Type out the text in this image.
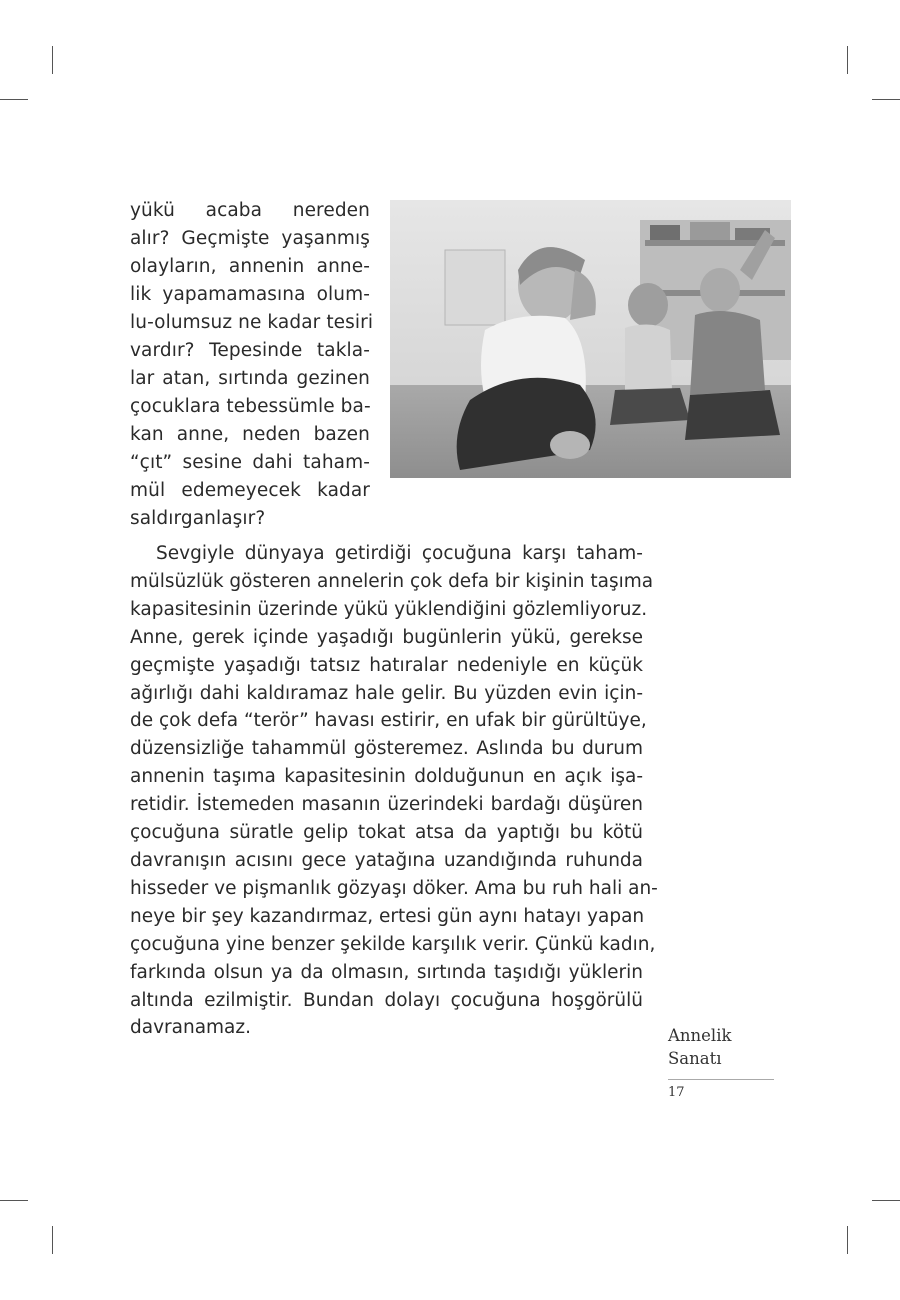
yükü acaba nereden
alır? Geçmişte yaşanmış
olayların, annenin anne-
lik yapamamasına olum-
lu-olumsuz ne kadar tesiri
vardır? Tepesinde takla-
lar atan, sırtında gezinen
çocuklara tebessümle ba-
kan anne, neden bazen
“çıt” sesine dahi taham-
mül edemeyecek kadar
saldırganlaşır?
Sevgiyle dünyaya getirdiği çocuğuna karşı taham-
mülsüzlük gösteren annelerin çok defa bir kişinin taşıma
kapasitesinin üzerinde yükü yüklendiğini gözlemliyoruz.
Anne, gerek içinde yaşadığı bugünlerin yükü, gerekse
geçmişte yaşadığı tatsız hatıralar nedeniyle en küçük
ağırlığı dahi kaldıramaz hale gelir. Bu yüzden evin için-
de çok defa “terör” havası estirir, en ufak bir gürültüye,
düzensizliğe tahammül gösteremez. Aslında bu durum
annenin taşıma kapasitesinin dolduğunun en açık işa-
retidir. İstemeden masanın üzerindeki bardağı düşüren
çocuğuna süratle gelip tokat atsa da yaptığı bu kötü
davranışın acısını gece yatağına uzandığında ruhunda
hisseder ve pişmanlık gözyaşı döker. Ama bu ruh hali an-
neye bir şey kazandırmaz, ertesi gün aynı hatayı yapan
çocuğuna yine benzer şekilde karşılık verir. Çünkü kadın,
farkında olsun ya da olmasın, sırtında taşıdığı yüklerin
altında ezilmiştir. Bundan dolayı çocuğuna hoşgörülü
davranamaz.	Annelik
Sanatı
17
